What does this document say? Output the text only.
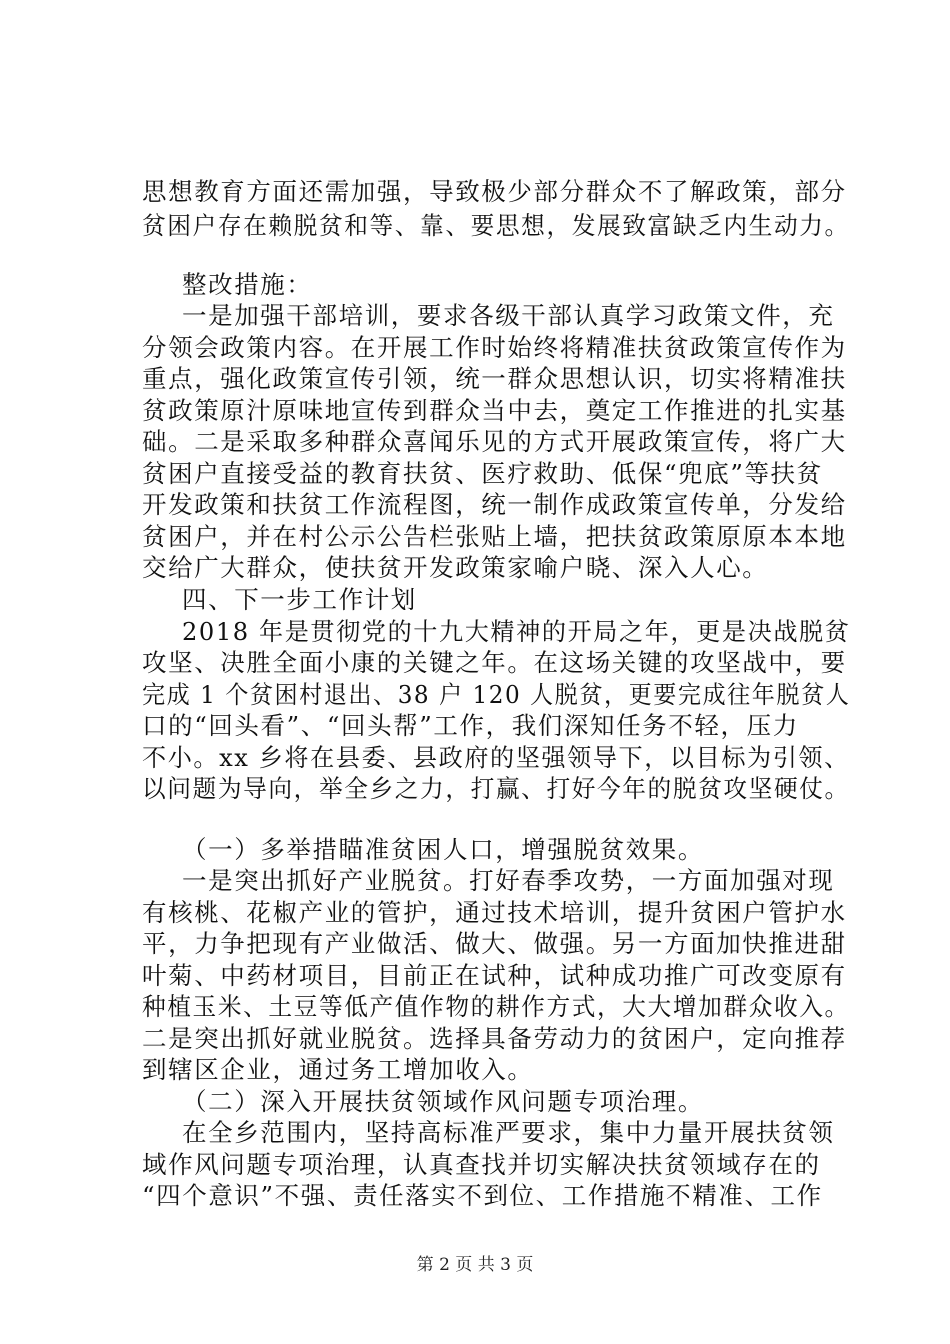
思想教育方面还需加强，导致极少部分群众不了解政策，部分
贫困户存在赖脱贫和等、靠、要思想，发展致富缺乏内生动力。
整改措施：
一是加强干部培训，要求各级干部认真学习政策文件，充
分领会政策内容。在开展工作时始终将精准扶贫政策宣传作为
重点，强化政策宣传引领，统一群众思想认识，切实将精准扶
贫政策原汁原味地宣传到群众当中去，奠定工作推进的扎实基
础。二是采取多种群众喜闻乐见的方式开展政策宣传，将广大
贫困户直接受益的教育扶贫、医疗救助、低保“兜底”等扶贫
开发政策和扶贫工作流程图，统一制作成政策宣传单，分发给
贫困户，并在村公示公告栏张贴上墙，把扶贫政策原原本本地
交给广大群众，使扶贫开发政策家喻户晓、深入人心。
四、下一步工作计划
2018 年是贯彻党的十九大精神的开局之年，更是决战脱贫
攻坚、决胜全面小康的关键之年。在这场关键的攻坚战中，要
完成 1 个贫困村退出、38 户 120 人脱贫，更要完成往年脱贫人
口的“回头看”、“回头帮”工作，我们深知任务不轻，压力
不小。xx 乡将在县委、县政府的坚强领导下，以目标为引领、
以问题为导向，举全乡之力，打赢、打好今年的脱贫攻坚硬仗。
（一）多举措瞄准贫困人口，增强脱贫效果。
一是突出抓好产业脱贫。打好春季攻势，一方面加强对现
有核桃、花椒产业的管护，通过技术培训，提升贫困户管护水
平，力争把现有产业做活、做大、做强。另一方面加快推进甜
叶菊、中药材项目，目前正在试种，试种成功推广可改变原有
种植玉米、土豆等低产值作物的耕作方式，大大增加群众收入。
二是突出抓好就业脱贫。选择具备劳动力的贫困户，定向推荐
到辖区企业，通过务工增加收入。
（二）深入开展扶贫领域作风问题专项治理。
在全乡范围内，坚持高标准严要求，集中力量开展扶贫领
域作风问题专项治理，认真查找并切实解决扶贫领域存在的
“四个意识”不强、责任落实不到位、工作措施不精准、工作
第 2 页 共 3 页
